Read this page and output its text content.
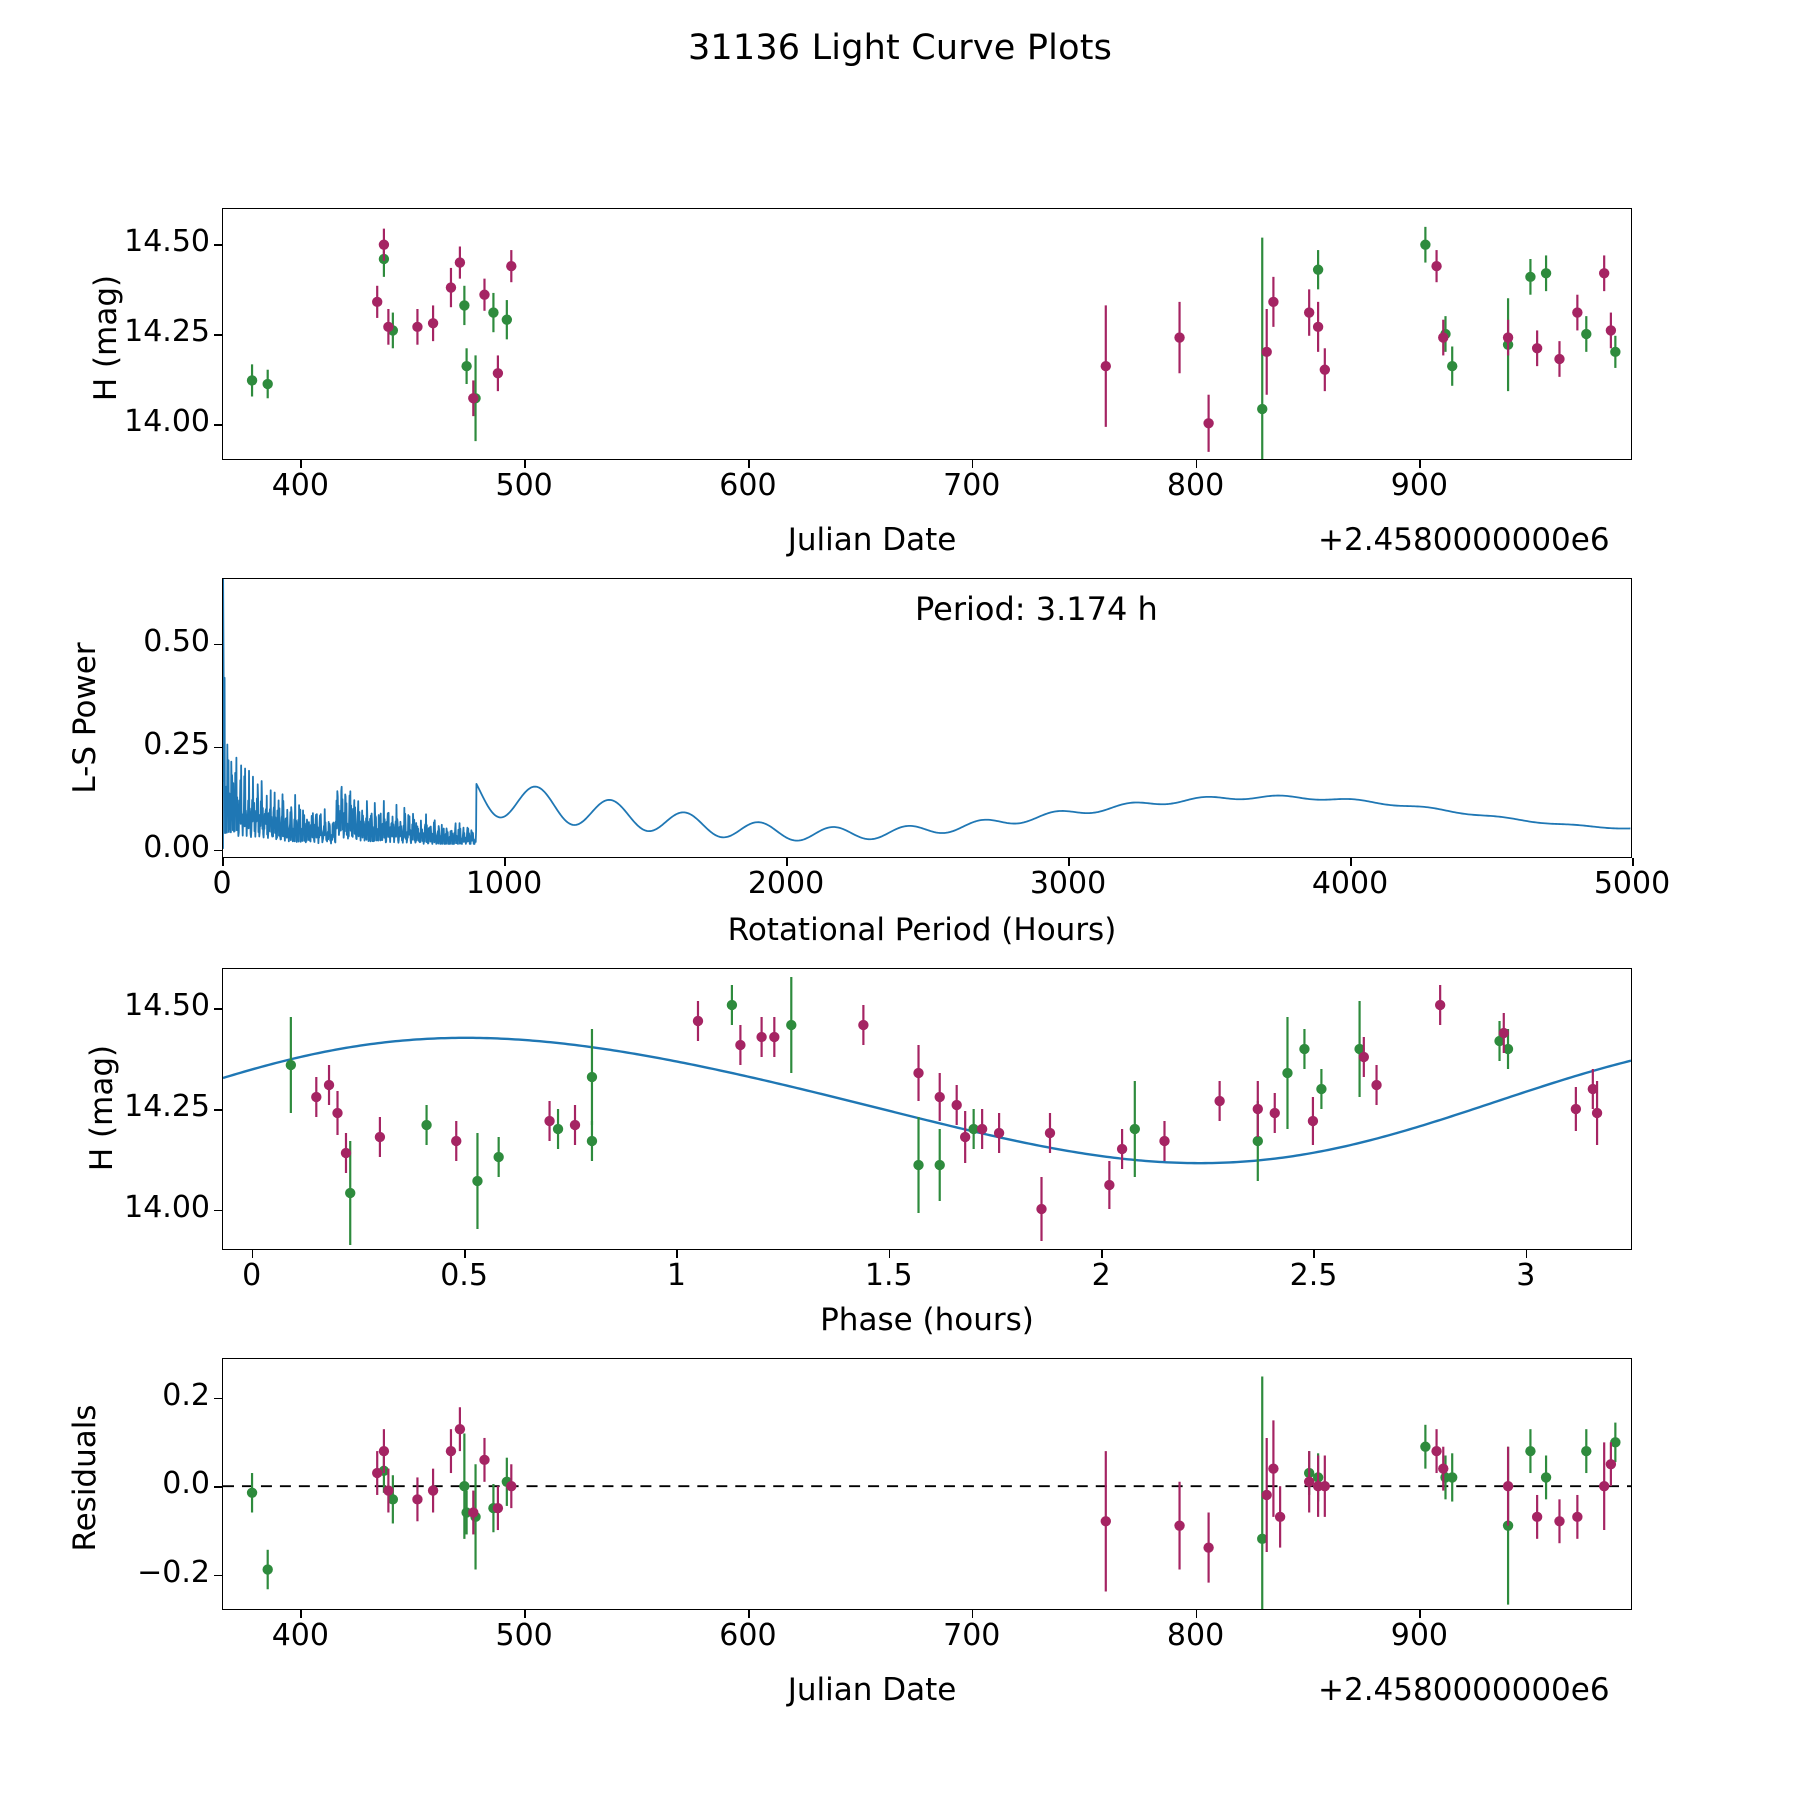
31136 Light Curve Plots
H (mag)
Julian Date	+2.4580000000e6
400	500	600	700	800	900
14.00
14.25
14.50
Period: 3.174 h
L-S Power
Rotational Period (Hours)
0	1000	2000	3000	4000	5000
0.00
0.25
0.50
H (mag)
Phase (hours)
0	0.5	1	1.5	2	2.5	3
14.00
14.25
14.50
Residuals
Julian Date	+2.4580000000e6
400	500	600	700	800	900
−0.2
0.0
0.2
